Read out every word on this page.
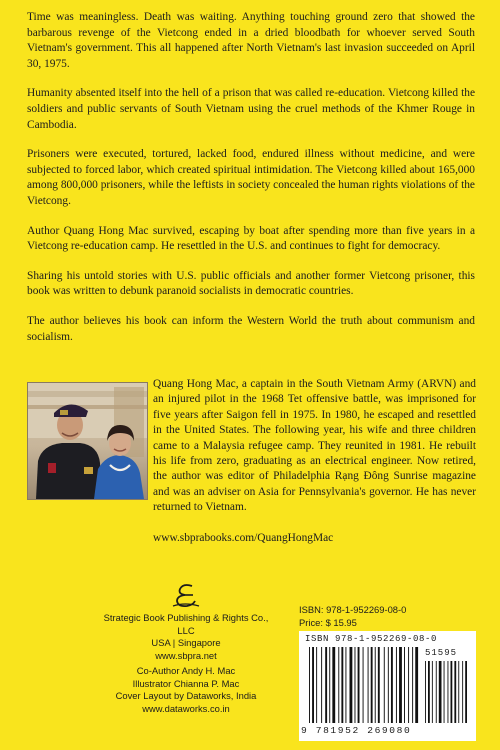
Time was meaningless. Death was waiting. Anything touching ground zero that showed the barbarous revenge of the Vietcong ended in a dried bloodbath for whoever served South Vietnam's government. This all happened after North Vietnam's last invasion succeeded on April 30, 1975.

Humanity absented itself into the hell of a prison that was called re-education. Vietcong killed the soldiers and public servants of South Vietnam using the cruel methods of the Khmer Rouge in Cambodia.

Prisoners were executed, tortured, lacked food, endured illness without medicine, and were subjected to forced labor, which created spiritual intimidation. The Vietcong killed about 165,000 among 800,000 prisoners, while the leftists in society concealed the human rights violations of the Vietcong.

Author Quang Hong Mac survived, escaping by boat after spending more than five years in a Vietcong re-education camp. He resettled in the U.S. and continues to fight for democracy.

Sharing his untold stories with U.S. public officials and another former Vietcong prisoner, this book was written to debunk paranoid socialists in democratic countries.

The author believes his book can inform the Western World the truth about communism and socialism.

Quang Hong Mac, a captain in the South Vietnam Army (ARVN) and an injured pilot in the 1968 Tet offensive battle, was imprisoned for five years after Saigon fell in 1975. In 1980, he escaped and resettled in the United States. The following year, his wife and three children came to a Malaysia refugee camp. They reunited in 1981. He rebuilt his life from zero, graduating as an electrical engineer. Now retired, the author was editor of Philadelphia Rạng Đông Sunrise magazine and was an adviser on Asia for Pennsylvania's governor. He has never returned to Vietnam.

www.sbprabooks.com/QuangHongMac
Strategic Book Publishing & Rights Co., LLC
USA | Singapore
www.sbpra.net
Co-Author Andy H. Mac
Illustrator Chianna P. Mac
Cover Layout by Dataworks, India
www.dataworks.co.in
ISBN: 978-1-952269-08-0
Price: $ 15.95
ISBN 978-1-952269-08-0
51595
9 781952 269080
